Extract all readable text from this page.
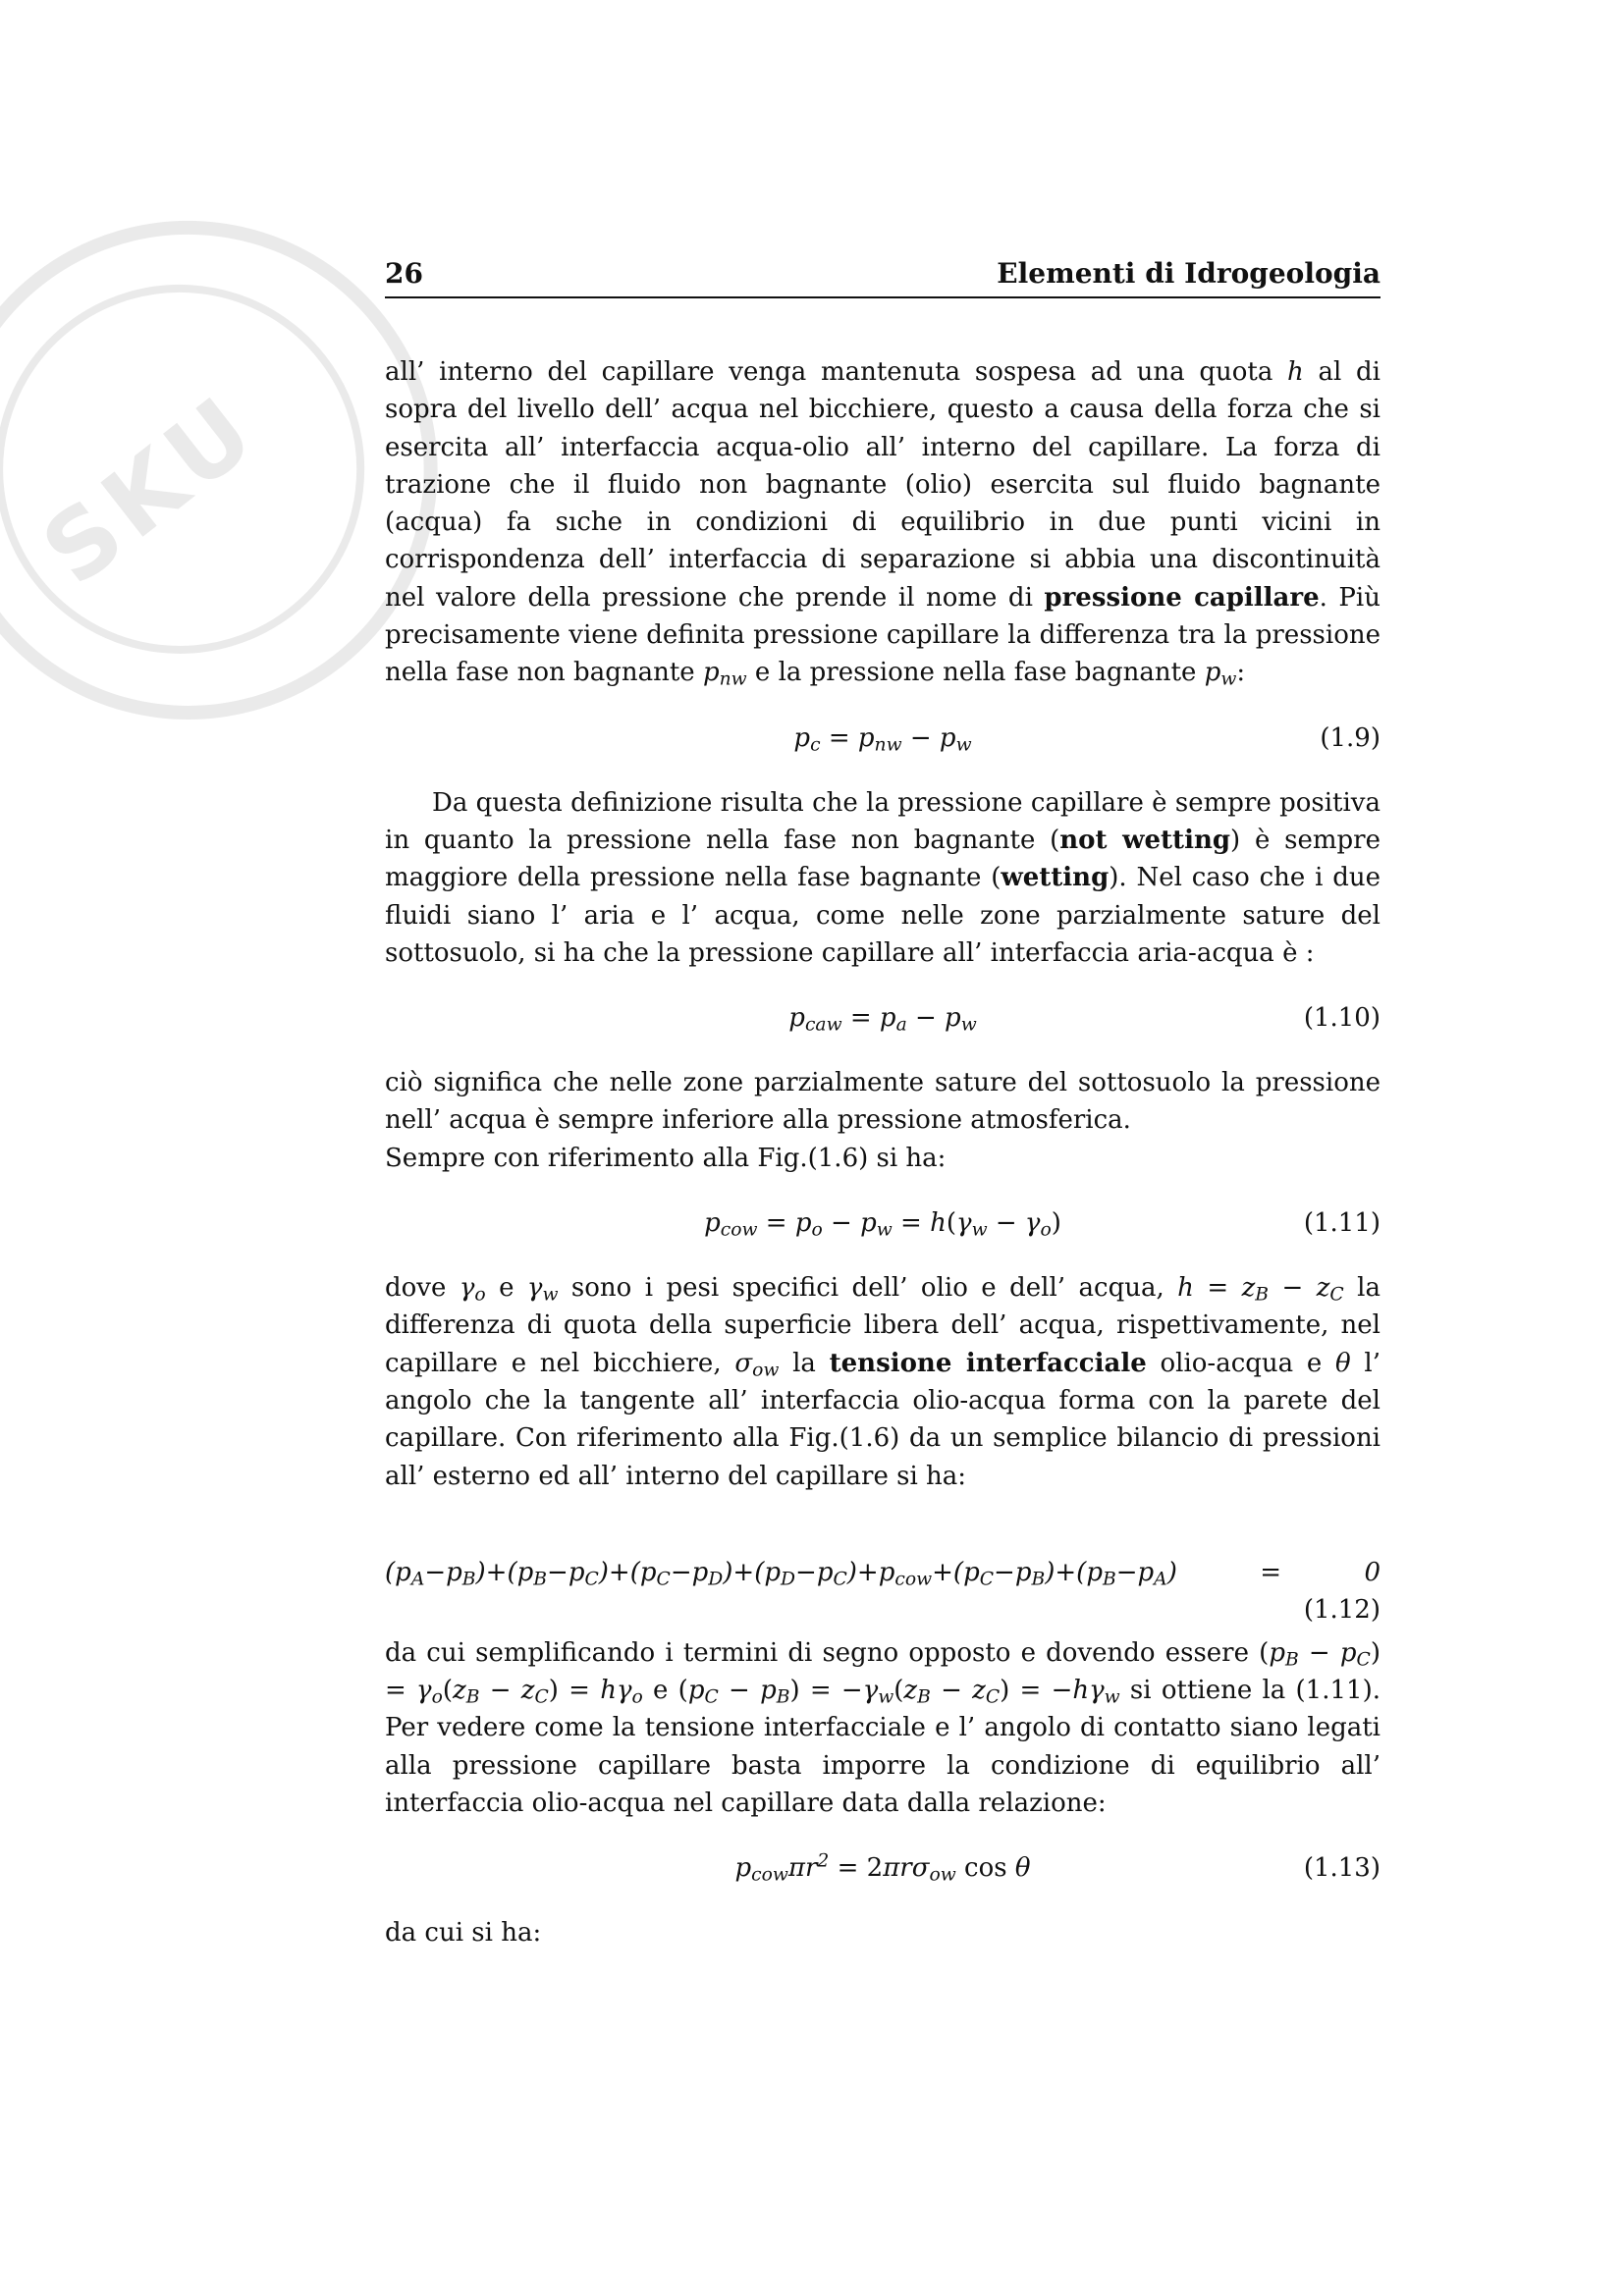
SKU
26	Elementi di Idrogeologia

all’ interno del capillare venga mantenuta sospesa ad una quota h al di sopra del livello dell’ acqua nel bicchiere, questo a causa della forza che si esercita all’ interfaccia acqua-olio all’ interno del capillare. La forza di trazione che il fluido non bagnante (olio) esercita sul fluido bagnante (acqua) fa sıche in condizioni di equilibrio in due punti vicini in corrispondenza dell’ interfaccia di separazione si abbia una discontinuità nel valore della pressione che prende il nome di pressione capillare. Più precisamente viene definita pressione capillare la differenza tra la pressione nella fase non bagnante $p_{nw}$ e la pressione nella fase bagnante $p_w$:

$p_c = p_{nw} - p_w$	(1.9)

Da questa definizione risulta che la pressione capillare è sempre positiva in quanto la pressione nella fase non bagnante (not wetting) è sempre maggiore della pressione nella fase bagnante (wetting). Nel caso che i due fluidi siano l’ aria e l’ acqua, come nelle zone parzialmente sature del sottosuolo, si ha che la pressione capillare all’ interfaccia aria-acqua è :

$p_{caw} = p_a - p_w$	(1.10)

ciò significa che nelle zone parzialmente sature del sottosuolo la pressione nell’ acqua è sempre inferiore alla pressione atmosferica.
Sempre con riferimento alla Fig.(1.6) si ha:

$p_{cow} = p_o - p_w = h(\gamma_w - \gamma_o)$	(1.11)

dove $\gamma_o$ e $\gamma_w$ sono i pesi specifici dell’ olio e dell’ acqua, $h = z_B - z_C$ la differenza di quota della superficie libera dell’ acqua, rispettivamente, nel capillare e nel bicchiere, $\sigma_{ow}$ la tensione interfacciale olio-acqua e θ l’ angolo che la tangente all’ interfaccia olio-acqua forma con la parete del capillare. Con riferimento alla Fig.(1.6) da un semplice bilancio di pressioni all’ esterno ed all’ interno del capillare si ha:

$(p_A-p_B)+(p_B-p_C)+(p_C-p_D)+(p_D-p_C)+p_{cow}+(p_C-p_B)+(p_B-p_A) = 0$
(1.12)

da cui semplificando i termini di segno opposto e dovendo essere $(p_B - p_C) = \gamma_o(z_B - z_C) = h\gamma_o$ e $(p_C - p_B) = -\gamma_w(z_B - z_C) = -h\gamma_w$ si ottiene la (1.11). Per vedere come la tensione interfacciale e l’ angolo di contatto siano legati alla pressione capillare basta imporre la condizione di equilibrio all’ interfaccia olio-acqua nel capillare data dalla relazione:

$p_{cow}\pi r^2 = 2\pi r\sigma_{ow}$ cos θ	(1.13)

da cui si ha:
